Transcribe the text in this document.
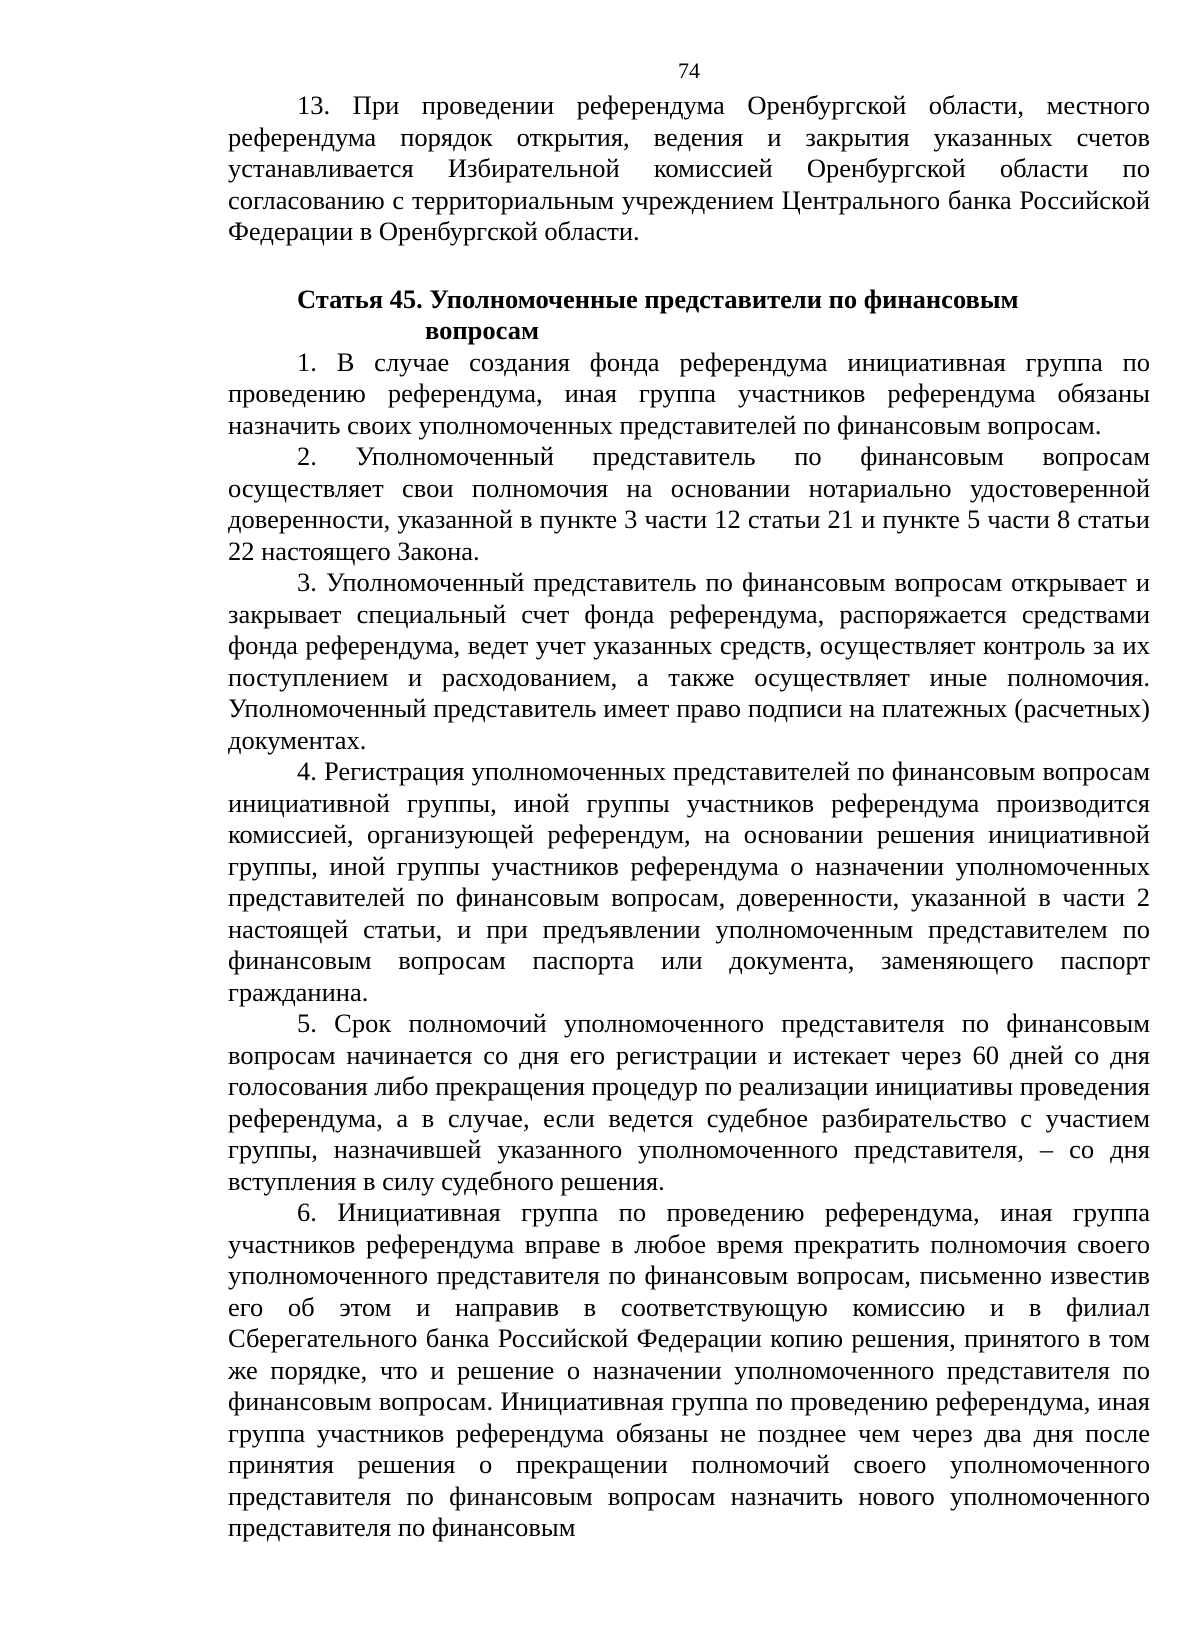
74

13. При проведении референдума Оренбургской области, местного референдума порядок открытия, ведения и закрытия указанных счетов устанавливается Избирательной комиссией Оренбургской области по согласованию с территориальным учреждением Центрального банка Российской Федерации в Оренбургской области.

Статья 45. Уполномоченные представители по финансовым
вопросам

1. В случае создания фонда референдума инициативная группа по проведению референдума, иная группа участников референдума обязаны назначить своих уполномоченных представителей по финансовым вопросам.

2. Уполномоченный представитель по финансовым вопросам осуществляет свои полномочия на основании нотариально удостоверенной доверенности, указанной в пункте 3 части 12 статьи 21 и пункте 5 части 8 статьи 22 настоящего Закона.

3. Уполномоченный представитель по финансовым вопросам открывает и закрывает специальный счет фонда референдума, распоряжается средствами фонда референдума, ведет учет указанных средств, осуществляет контроль за их поступлением и расходованием, а также осуществляет иные полномочия. Уполномоченный представитель имеет право подписи на платежных (расчетных) документах.

4. Регистрация уполномоченных представителей по финансовым вопросам инициативной группы, иной группы участников референдума производится комиссией, организующей референдум, на основании решения инициативной группы, иной группы участников референдума о назначении уполномоченных представителей по финансовым вопросам, доверенности, указанной в части 2 настоящей статьи, и при предъявлении уполномоченным представителем по финансовым вопросам паспорта или документа, заменяющего паспорт гражданина.

5. Срок полномочий уполномоченного представителя по финансовым вопросам начинается со дня его регистрации и истекает через 60 дней со дня голосования либо прекращения процедур по реализации инициативы проведения референдума, а в случае, если ведется судебное разбирательство с участием группы, назначившей указанного уполномоченного представителя, – со дня вступления в силу судебного решения.

6. Инициативная группа по проведению референдума, иная группа участников референдума вправе в любое время прекратить полномочия своего уполномоченного представителя по финансовым вопросам, письменно известив его об этом и направив в соответствующую комиссию и в филиал Сберегательного банка Российской Федерации копию решения, принятого в том же порядке, что и решение о назначении уполномоченного представителя по финансовым вопросам. Инициативная группа по проведению референдума, иная группа участников референдума обязаны не позднее чем через два дня после принятия решения о прекращении полномочий своего уполномоченного представителя по финансовым вопросам назначить нового уполномоченного представителя по финансовым
